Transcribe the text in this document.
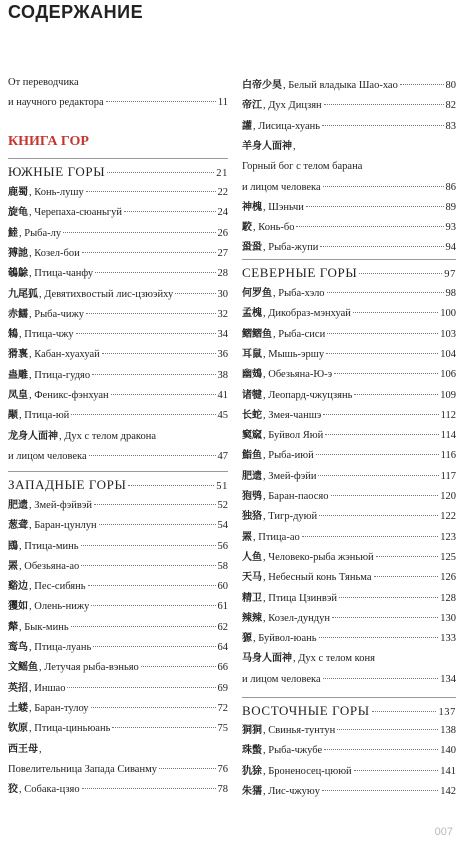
СОДЕРЖАНИЕ
От переводчика
и научного редактора	11
КНИГА ГОР
ЮЖНЫЕ ГОРЫ	21
鹿蜀, Конь-лушу	22
旋龟, Черепаха-сюаньгуй	24
鯥, Рыба-лу	26
猼訑, Козел-бои	27
鵸鵌, Птица-чанфу	28
九尾狐, Девятихвостый лис-цзюэйху	30
赤鱬, Рыба-чижу	32
鴸, Птица-чжу	34
猾褢, Кабан-хуахуай	36
蛊雕, Птица-гудяо	38
凤皇, Феникс-фэнхуан	41
颙, Птица-юй	45
龙身人面神, Дух с телом дракона
и лицом человека	47
ЗАПАДНЫЕ ГОРЫ	51
肥遗, Змей-фэйвэй	52
葱聋, Баран-цунлун	54
鴖, Птица-минь	56
罴, Обезьяна-ао	58
谿边, Пес-сибянь	60
玃如, Олень-нижу	61
犛, Бык-минь	62
鸾鸟, Птица-луань	64
文鳐鱼, Летучая рыба-вэньяо	66
英招, Иншао	69
土蝼, Баран-тулоу	72
钦原, Птица-циньюань	75
西王母,
Повелительница Запада Сиванму	76
狡, Собака-цзяо	78
白帝少昊, Белый владыка Шао-хао	80
帝江, Дух Дицзян	82
讙, Лисица-хуань	83
羊身人面神,
Горный бог с телом барана
и лицом человека	86
神槐, Шэньчи	89
駮, Конь-бо	93
蛩蛩, Рыба-жупи	94
СЕВЕРНЫЕ ГОРЫ	97
何罗鱼, Рыба-хэло	98
孟槐, Дикобраз-мэнхуай	100
鳛鳛鱼, Рыба-сиси	103
耳鼠, Мышь-эршу	104
幽鴳, Обезьяна-Ю-э	106
诸犍, Леопард-чжуцзянь	109
长蛇, Змея-чаншэ	112
窫窳, Буйвол Яюй	114
鮨鱼, Рыба-июй	116
肥遗, Змей-фэйи	117
狍鸮, Баран-паосяо	120
独狢, Тигр-дуюй	122
罴, Птица-ао	123
人鱼, Человеко-рыба жэньюй	125
天马, Небесный конь Тяньма	126
精卫, Птица Цзинвэй	128
辣辣, Козел-дундун	130
獂, Буйвол-юань	133
马身人面神, Дух с телом коня
и лицом человека	134
ВОСТОЧНЫЕ ГОРЫ	137
狪狪, Свинья-тунтун	138
珠蟞, Рыба-чжубе	140
犰狳, Броненосец-цююй	141
朱獳, Лис-чжуюу	142
007
